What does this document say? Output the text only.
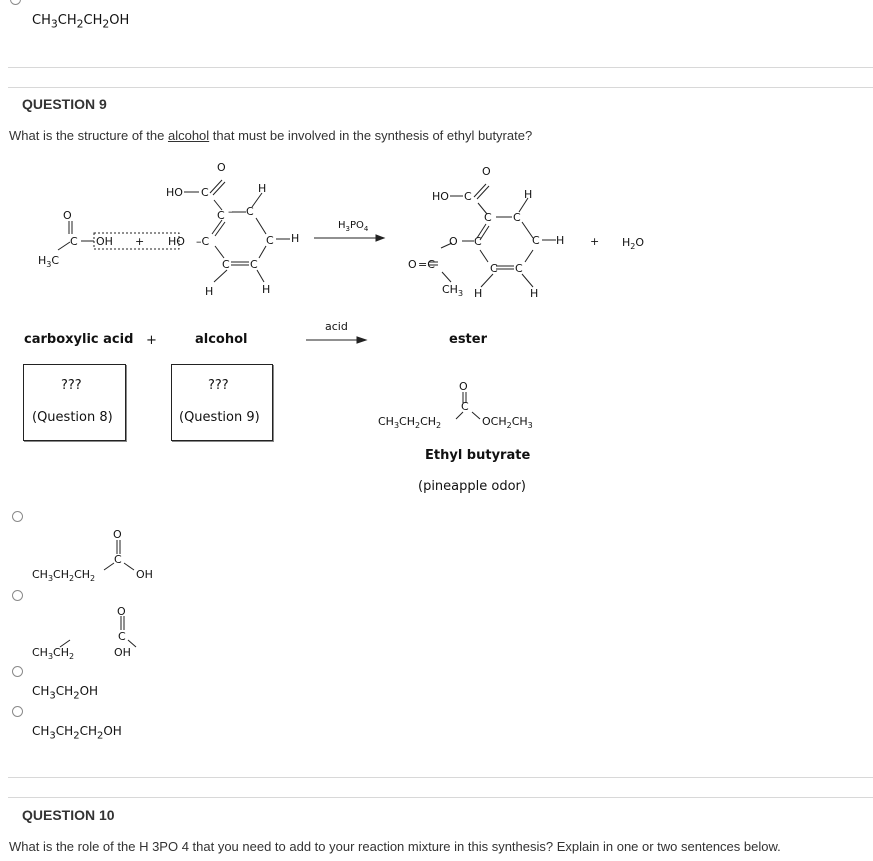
$CH_3CH_2CH_2OH$
QUESTION 9
What is the structure of the alcohol that must be involved in the synthesis of ethyl butyrate?
O
C OH +
$H_3C$
O
HO C	H
C – C
HO –C	C
C C
H
H	H
$H_3PO_4$
O
HO C	H
C C
O C	C H
O =C	C C
$CH_3$ H	H
+ $H_2O$
O
C
$CH_3CH_2CH_2$	$OCH_2CH_3$
O
C
$CH_3CH_2CH_2$	OH
acid
carboxylic acid +	alcohol	ester
???
(Question 8)
???
(Question 9)
Ethyl butyrate
(pineapple odor)
O
C
$CH_3CH_2$	OH
$CH_3CH_2OH$
$CH_3CH_2CH_2OH$
QUESTION 10
What is the role of the H 3PO 4 that you need to add to your reaction mixture in this synthesis? Explain in one or two sentences below.
